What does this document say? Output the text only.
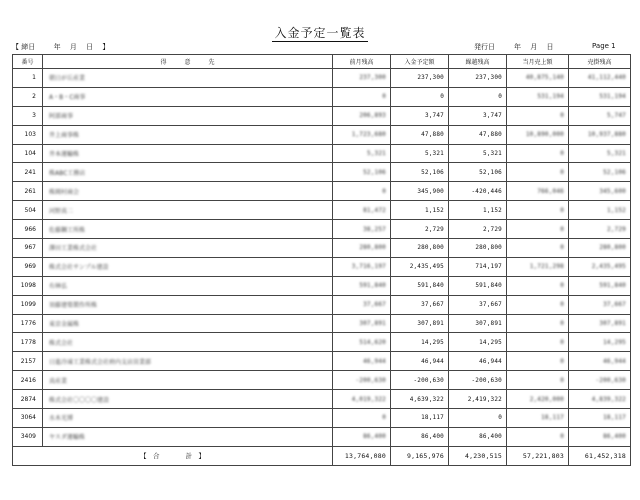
入金予定一覧表
【 締日 　　 年　 月　 日　 】	発行日	年　 月　 日	Page 1
番号	得　　　意　　　先	前月残高	入金予定額	繰越残高	当月売上額	売掛残高
1	朝日が丘産業	237,300	237,300	237,300	40,875,140	41,112,440
2	A・B・C商事	0	0	0	531,194	531,194
3	阿部商事	206,893	3,747	3,747	0	5,747
103	井上商事株	1,723,680	47,880	47,880	10,890,000	10,937,880
104	井本運輸株	5,321	5,321	5,321	0	5,321
241	株ABC工務店	52,106	52,106	52,106	0	52,106
261	株岡村商会	0	345,900	-420,446	766,046	345,600
504	河野真二	81,472	1,152	1,152	0	1,152
966	佐藤鋼工所株	38,257	2,729	2,729	0	2,729
967	澤田工業株式会社	280,800	280,800	280,800	0	280,800
969	株式会社サンプル建設	3,716,197	2,435,495	714,197	1,721,298	2,435,495
1098	有林弘	591,840	591,840	591,840	0	591,840
1099	須藤建築製作所株	37,667	37,667	37,667	0	37,667
1776	東京金属株	307,891	307,891	307,891	0	307,891
1778	株式会社	514,620	14,295	14,295	0	14,295
2157	日進冷凍工業株式会社府内支店営業部	46,944	46,944	46,944	0	46,944
2416	真産業	-200,630	-200,630	-200,630	0	-200,630
2874	株式会社〇〇〇〇建設	4,019,322	4,639,322	2,419,322	2,420,000	4,839,322
3064	水木光博	0	18,117	0	18,117	18,117
3409	ヤスダ運輸株	86,400	86,400	86,400	0	86,400
【　合　　　　計　】		13,764,080	9,165,976	4,230,515	57,221,803	61,452,318
